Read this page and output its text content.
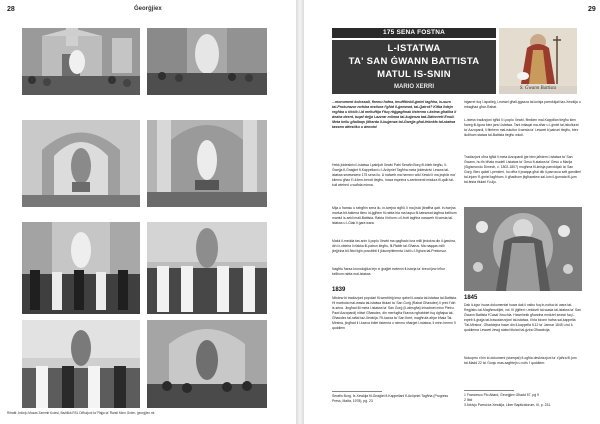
28	Ġeorġjiex
Ritratti: Arkivju Mosas Zammit Kulesi, Bażilikà RSL Diffużjoni ta' Ħajja ta' Ħarsit Minn Ġnien, ġeorġjiex.mt
29
175 SENA FOSTNA
L-ISTATWA
TA' SAN ĠWANN BATTISTA
MATUL IS-SNIN
MARIO XERRI	S. Ġwann Battista
...monument kolossali, fhemu ħafna, tmuffitinbil-ġmiel tagħha, is-sura tal-Prokurazur nofsha msttura f'għid il-ġemmat, tal-Qatrot? Kifba ħdejn regħba u tiċċib l-id meħuftija f'fuq rtiġgagħnak tistenna r-kelma għaliha li deaha deent, tuqaf dejja l-azzrar mlinna tal-kuġenza tad-Ddinnrett Erodi. Meta kellu għallaqs jitħarda il-kuġenza tal-Ġwejja għal-feknkfa tal-statwa tassew attestiku u denota!
Hekk jiddeskrivi l-istatwa l-patrijott Xewki Patri Serafin Borg fil-ktieb tiegħu, Il-Ġwejja fl-Ġnaġiet fl-Kappellani u l-Arċipriet Tagħha meta jiddeskrivi l-ewwa tal-istatwa sewwewew 175 sena ilu. U nafweb ma hemmx wild Xewki li ma jeqbilx ma' kliemu għax f'l-44em-bexcit tiegħu, huwa esprima s-sentimenti mistura fil-qalb tal-kull wiehed u waħda minna.
Mija u ħamsu u sebgħin sena ilu, in-twejna xigħil, li ma jista' jitraffha qatt. In-twejna marlua bit-fakiena tlimo id-ġgħem fil-rabta bla ma taqsu fil-tatewwat tagħna kellhom mantul is-sekli mall-Battista. Rabta li bihom u il-frott tagħha naraweh fil-westa tal-istatwa u l-Ġiak li ġara wara.
Matul il-medda tas-snin il-poplu Xewki ma qagħadx lura milli jindokra din il-ġawhra, din ix-xbieha li rfakka fil-patrun tiegħu, fil-Ħabib tal-Għarus. Ma naqqas milli jżejjinha bil-ħlwi tiġin possibbli li jkkumpitimenta l-istil u l-ħġiura tal-Prekursur.
Nagħtu ħarsa kronoloġika lejn xi ġrajjiet ewlenin fl-istorja ta' breod jew ieħor kellhom rabta mal-istatwa.
1839
Nibdew bi tradizzjoni popolari fil-werrtitriġ tmur qabel il-wasla tal-istatwa tal-Battista. Hi marbuta mal-wasla tal-istatwa titulari ta' San Ġorġ (Rabat Għawdex) li preċ f'din is-sena. Jingħad illi meta l-istatwa ta' San Ġorġ (il-wiesgħa) inhadmet minn Pietru Pawl Azzopardi) nittwt Għawdex, din merfugħa f'kaxxa ngħabbiet fuq dgħajsa tal-Ġħawdex tal-rafial taż-Xewkija. Fil-kaxxa ta' San Ibert, magħrufa aħjar bħala Tal-Mirsina, jingħad li l-kaxxa bdiet tistenna u nimmu nħarġet l-istatwa, li minn hemm 'il quddiem
Serafin Borg, Ix-Xewkija fil-Ġnaġiet fl-Kappellani fl-Arċipriet Tagħha (Progress Press, Malta, 1978), pġ. 23
inġarret fuq l-ispalleġ, i-ewwel għall-ġgazza tal-knisja parrokkjali tax-Xewkija u mbagħad għar-Rabat.
L-istess tradizzjoni tgħid li l-poplu Xewki, flimkien mal-Kappillan tiegħu kien ħareġ fil-fgura biex jara l-istatwa. Tant intlaqat ma-sħar u l-ġmiel tal-iskulturat ta' Azzopardi, li ftiehem mal-iskultur il-westa ta' l-ewwel b'patruni tiegħu, biex ikollhom statwa tal-Battista tiegħu wkoll.
Tradizzjoni oħra tgħid li meta Azzopardi ġie biex jaħdem l-istatwa ta' San Ġwann, hu fis bħala mudell l-istatwa ta' Ġesù ft-statwa ta' Ġesù u Marija (Sigismondo Dimech, c. 1802-1807) mogħma fil-knisja parrokkjali ta' San Ġorġ. Biex qabel l-pensieri, hu offra li jwaqqa għal dik il-parrocca sett gandlieri tal-injam f'l-ġmiel tagħhom, li għadhom jitgħawdew sal-lum il-ġurnata fil-jum tal-festa titulari f'Lulju.
1845
Dak it-żgur huwa dokumentat huwa dak li nsibu fuq in-nofsa ta' wara tat-Regjistru tal-Magħmudijiet, vol. III jiġifieri r-rekkorti tal-wasla tal-istatwa ta' San Ġwann Battista f'Casal Xeuchia. Hawnhekk għandna mniżżel sewwi fuq l-eqreb il-ġrajja tat-trasuskezzjoni tal-istatwa, li bla bżonn hafna sal-kappella 'Tal-Mirsina'. Għaddejna hawn din il-kappella fl-12 ta' Jannar 1845 u tul il-quddiema l-ewwel żewġ statwi titulari tal-ġzira Għawdxija.
Nokoprru x'hin id-dokument (stampat) fl-ogħla deskrizzjoni ta' x'jaħra fil-jum tal-Madd 22 ta' Ġunju mas-sagħtejn u nofs 'l quddiem:
1 Francesco Pio Attard, Ġeorġjiex Għadd 57, pġ 9
2 Ibid
3 Arkivju Parroċċa Xewkija, Liber Baptizatorum, III, p. 231.
